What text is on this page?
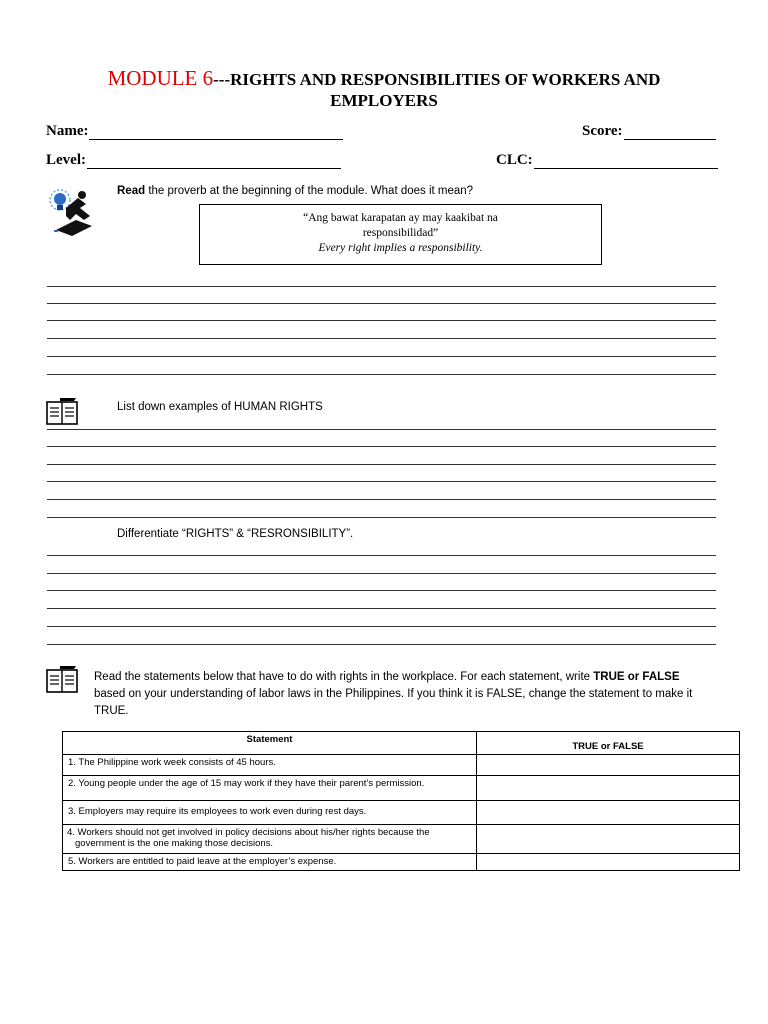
MODULE 6---RIGHTS AND RESPONSIBILITIES OF WORKERS AND
EMPLOYERS
Name:	Score:
Level:	CLC:
Read the proverb at the beginning of the module. What does it mean?
“Ang bawat karapatan ay may kaakibat na
responsibilidad”
Every right implies a responsibility.
List down examples of HUMAN RIGHTS
Differentiate “RIGHTS” & “RESRONSIBILITY”.
Read the statements below that have to do with rights in the workplace. For each statement, write TRUE or FALSE
based on your understanding of labor laws in the Philippines. If you think it is FALSE, change the statement to make it
TRUE.
Statement	TRUE or FALSE
1. The Philippine work week consists of 45 hours.	
2. Young people under the age of 15 may work if they have their parent’s permission.	
3. Employers may require its employees to work even during rest days.	
4. Workers should not get involved in policy decisions about his/her rights because the government is the one making those decisions.	
5. Workers are entitled to paid leave at the employer’s expense.	
